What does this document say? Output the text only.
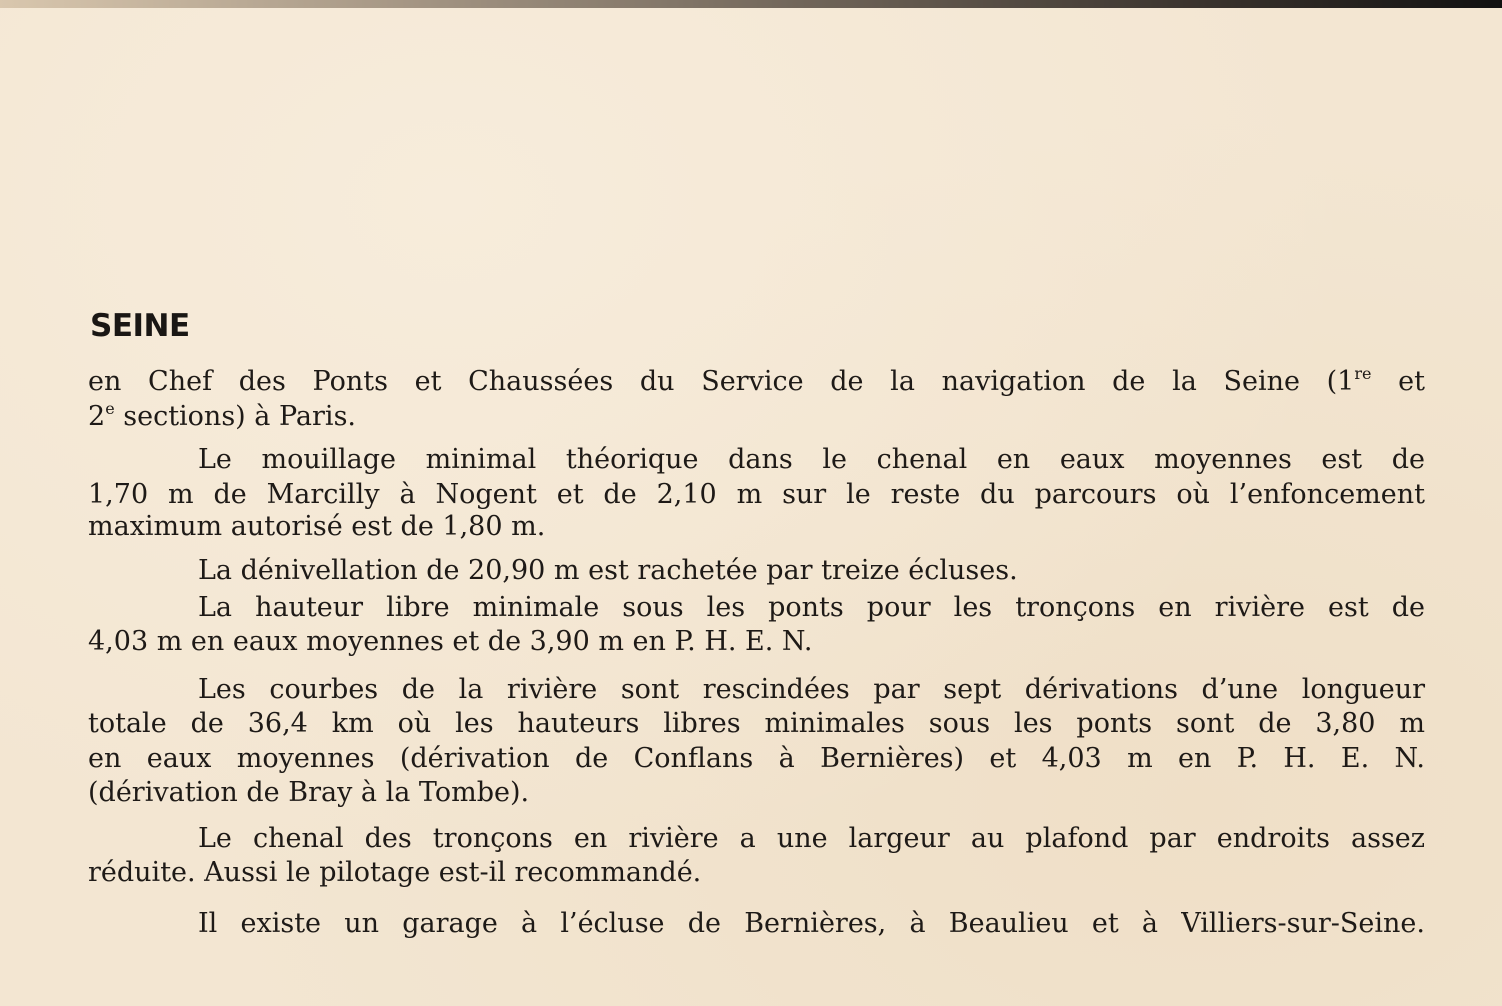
SEINE
en Chef des Ponts et Chaussées du Service de la navigation de la Seine (1re et
2e sections) à Paris.
Le mouillage minimal théorique dans le chenal en eaux moyennes est de
1,70 m de Marcilly à Nogent et de 2,10 m sur le reste du parcours où l’enfoncement
maximum autorisé est de 1,80 m.
La dénivellation de 20,90 m est rachetée par treize écluses.
La hauteur libre minimale sous les ponts pour les tronçons en rivière est de
4,03 m en eaux moyennes et de 3,90 m en P. H. E. N.
Les courbes de la rivière sont rescindées par sept dérivations d’une longueur
totale de 36,4 km où les hauteurs libres minimales sous les ponts sont de 3,80 m
en eaux moyennes (dérivation de Conflans à Bernières) et 4,03 m en P. H. E. N.
(dérivation de Bray à la Tombe).
Le chenal des tronçons en rivière a une largeur au plafond par endroits assez
réduite. Aussi le pilotage est-il recommandé.
Il existe un garage à l’écluse de Bernières, à Beaulieu et à Villiers-sur-Seine.
